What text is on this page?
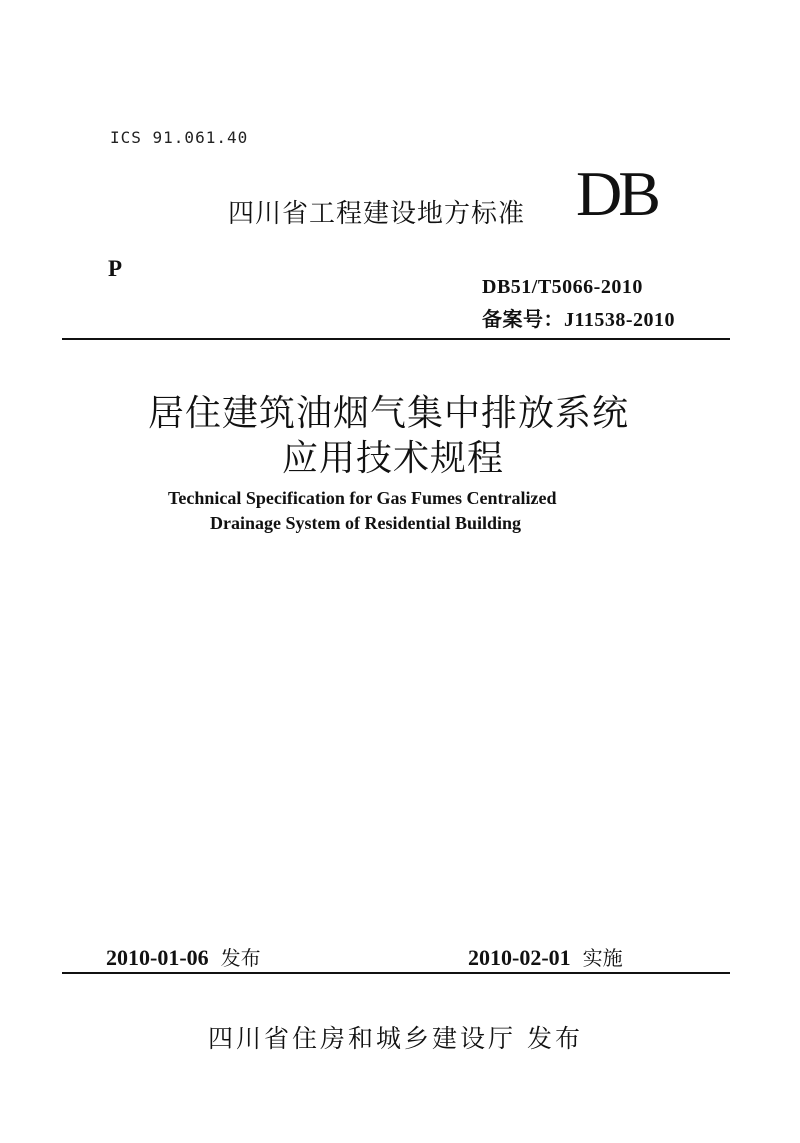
ICS 91.061.40
四川省工程建设地方标准 DB
P
DB51/T5066-2010
备案号：J11538-2010
居住建筑油烟气集中排放系统
应用技术规程
Technical Specification for Gas Fumes Centralized
Drainage System of Residential Building
2010-01-06 发布	2010-02-01 实施
四川省住房和城乡建设厅 发布
